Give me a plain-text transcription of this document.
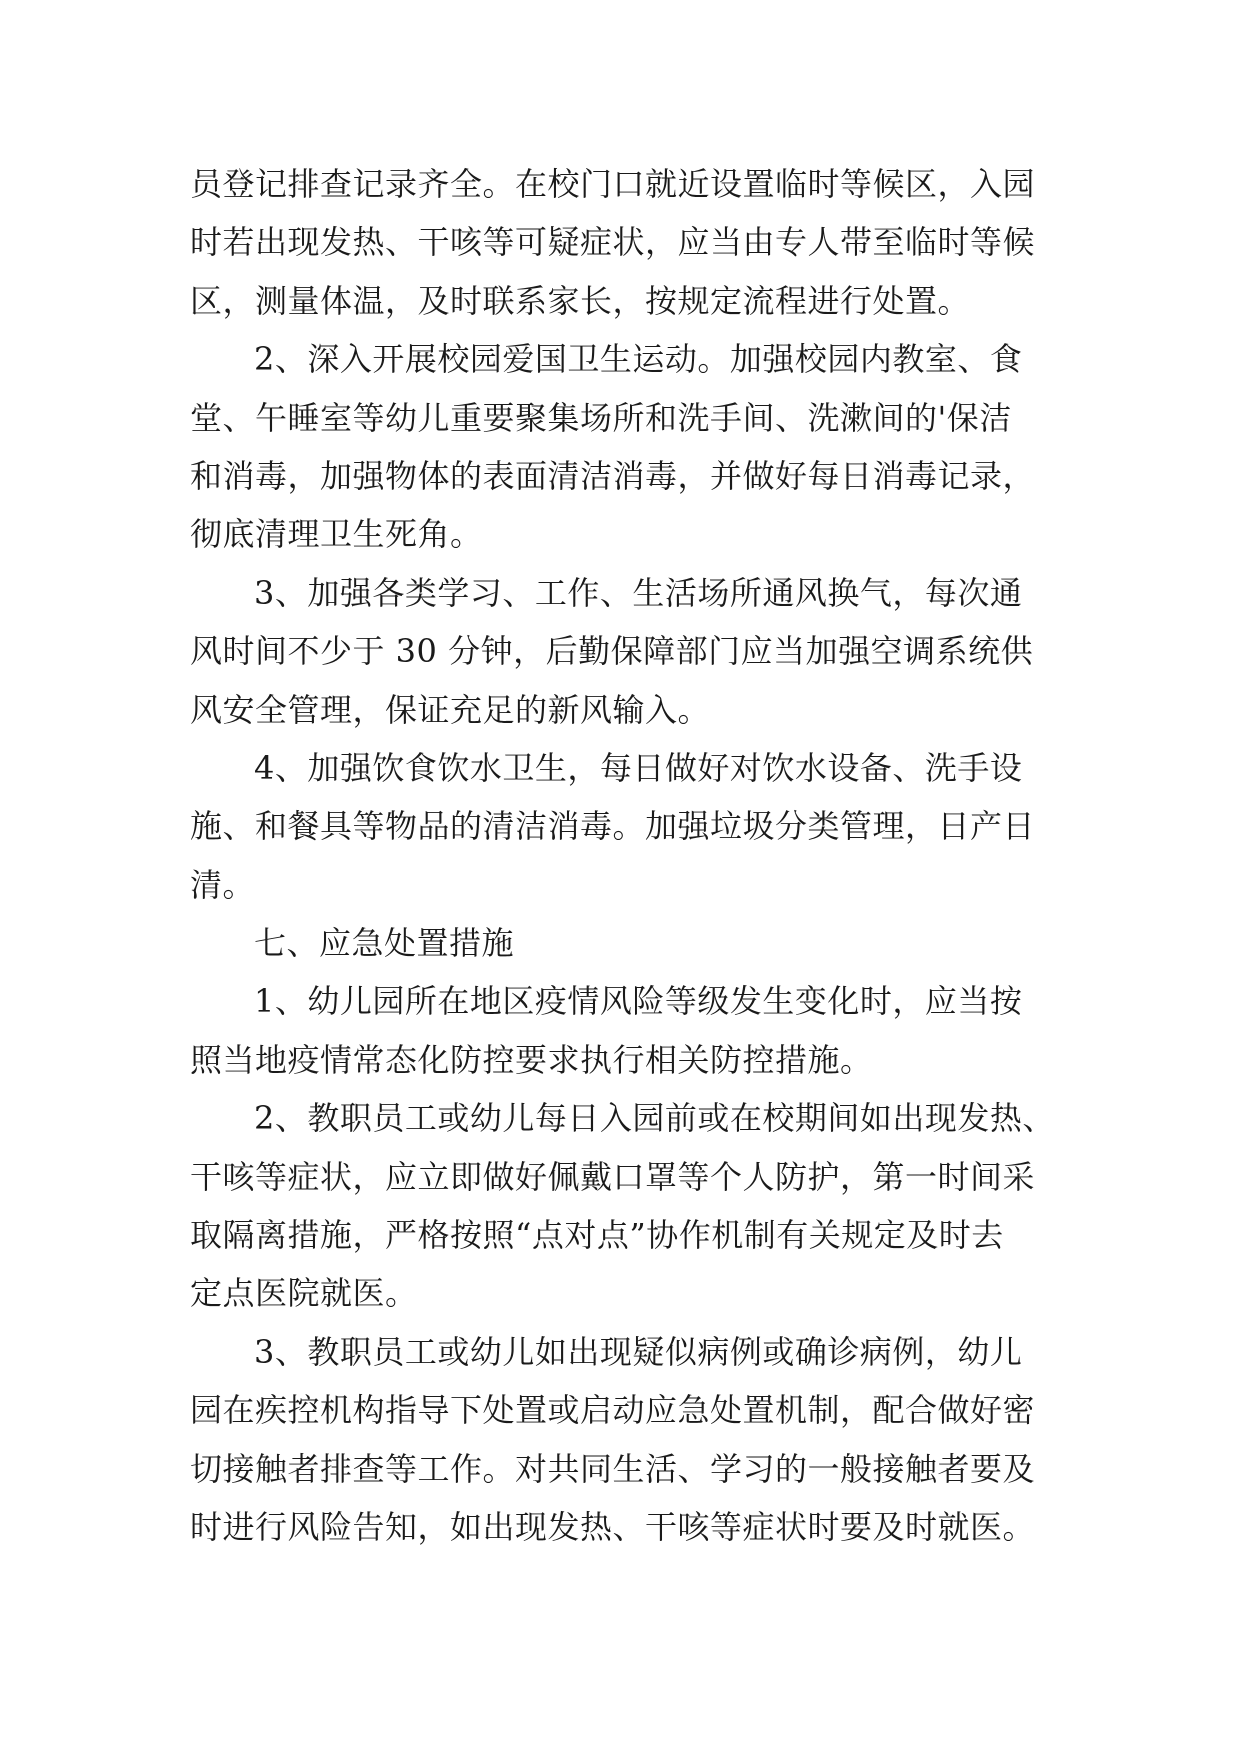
员登记排查记录齐全。在校门口就近设置临时等候区，入园
时若出现发热、干咳等可疑症状，应当由专人带至临时等候
区，测量体温，及时联系家长，按规定流程进行处置。
2、深入开展校园爱国卫生运动。加强校园内教室、食
堂、午睡室等幼儿重要聚集场所和洗手间、洗漱间的'保洁
和消毒，加强物体的表面清洁消毒，并做好每日消毒记录，
彻底清理卫生死角。
3、加强各类学习、工作、生活场所通风换气，每次通
风时间不少于 30 分钟，后勤保障部门应当加强空调系统供
风安全管理，保证充足的新风输入。
4、加强饮食饮水卫生，每日做好对饮水设备、洗手设
施、和餐具等物品的清洁消毒。加强垃圾分类管理，日产日
清。
七、应急处置措施
1、幼儿园所在地区疫情风险等级发生变化时，应当按
照当地疫情常态化防控要求执行相关防控措施。
2、教职员工或幼儿每日入园前或在校期间如出现发热、
干咳等症状，应立即做好佩戴口罩等个人防护，第一时间采
取隔离措施，严格按照“点对点”协作机制有关规定及时去
定点医院就医。
3、教职员工或幼儿如出现疑似病例或确诊病例，幼儿
园在疾控机构指导下处置或启动应急处置机制，配合做好密
切接触者排查等工作。对共同生活、学习的一般接触者要及
时进行风险告知，如出现发热、干咳等症状时要及时就医。
